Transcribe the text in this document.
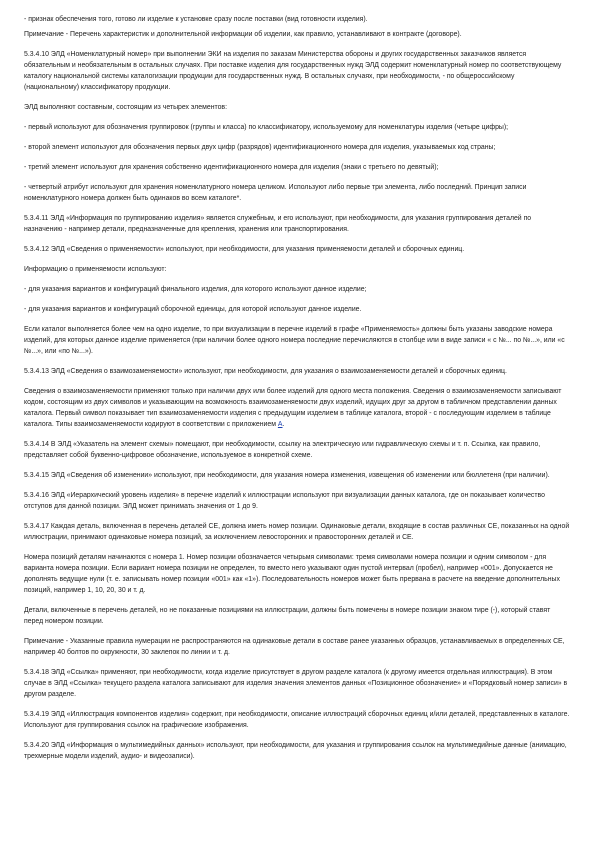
- признак обеспечения того, готово ли изделие к установке сразу после поставки (вид готовности изделия).

Примечание - Перечень характеристик и дополнительной информации об изделии, как правило, устанавливают в контракте (договоре).

5.3.4.10 ЭЛД «Номенклатурный номер» при выполнении ЭКИ на изделия по заказам Министерства обороны и других государственных заказчиков является обязательным и необязательным в остальных случаях. При поставке изделия для государственных нужд ЭЛД содержит номенклатурный номер по соответствующему каталогу национальной системы каталогизации продукции для государственных нужд. В остальных случаях, при необходимости, - по общероссийскому (национальному) классификатору продукции.

ЭЛД выполняют составным, состоящим из четырех элементов:

- первый используют для обозначения группировок (группы и класса) по классификатору, используемому для номенклатуры изделия (четыре цифры);

- второй элемент используют для обозначения первых двух цифр (разрядов) идентификационного номера для изделия, указываемых код страны;

- третий элемент используют для хранения собственно идентификационного номера для изделия (знаки с третьего по девятый);

- четвертый атрибут используют для хранения номенклатурного номера целиком. Используют либо первые три элемента, либо последний. Принцип записи номенклатурного номера должен быть одинаков во всем каталоге*.

5.3.4.11 ЭЛД «Информация по группированию изделия» является служебным, и его используют, при необходимости, для указания группирования деталей по назначению - например детали, предназначенные для крепления, хранения или транспортирования.

5.3.4.12 ЭЛД «Сведения о применяемости» используют, при необходимости, для указания применяемости деталей и сборочных единиц.

Информацию о применяемости используют:

- для указания вариантов и конфигураций финального изделия, для которого используют данное изделие;

- для указания вариантов и конфигураций сборочной единицы, для которой используют данное изделие.

Если каталог выполняется более чем на одно изделие, то при визуализации в перечне изделий в графе «Применяемость» должны быть указаны заводские номера изделий, для которых данное изделие применяется (при наличии более одного номера последние перечисляются в столбце или в виде записи « с №... по №...», или «с №...», или «по №...»).

5.3.4.13 ЭЛД «Сведения о взаимозаменяемости» используют, при необходимости, для указания о взаимозаменяемости деталей и сборочных единиц.

Сведения о взаимозаменяемости применяют только при наличии двух или более изделий для одного места положения. Сведения о взаимозаменяемости записывают кодом, состоящим из двух символов и указывающим на возможность взаимозаменяемости двух изделий, идущих друг за другом в табличном представлении данных каталога. Первый символ показывает тип взаимозаменяемости изделия с предыдущим изделием в таблице каталога, второй - с последующим изделием в таблице каталога. Типы взаимозаменяемости кодируют в соответствии с приложением А.

5.3.4.14 В ЭЛД «Указатель на элемент схемы» помещают, при необходимости, ссылку на электрическую или гидравлическую схемы и т. п. Ссылка, как правило, представляет собой буквенно-цифровое обозначение, используемое в конкретной схеме.

5.3.4.15 ЭЛД «Сведения об изменении» используют, при необходимости, для указания номера изменения, извещения об изменении или бюллетеня (при наличии).

5.3.4.16 ЭЛД «Иерархический уровень изделия» в перечне изделий к иллюстрации используют при визуализации данных каталога, где он показывает количество отступов для данной позиции. ЭЛД может принимать значения от 1 до 9.

5.3.4.17 Каждая деталь, включенная в перечень деталей СЕ, должна иметь номер позиции. Одинаковые детали, входящие в состав различных СЕ, показанных на одной иллюстрации, принимают одинаковые номера позиций, за исключением левосторонних и правосторонних деталей и СЕ.

Номера позиций деталям начинаются с номера 1. Номер позиции обозначается четырьмя символами: тремя символами номера позиции и одним символом - для варианта номера позиции. Если вариант номера позиции не определен, то вместо него указывают один пустой интервал (пробел), например «001». Допускается не дополнять ведущие нули (т. е. записывать номер позиции «001» как «1»). Последовательность номеров может быть прервана в расчете на введение дополнительных позиций, например 1, 10, 20, 30 и т. д.

Детали, включенные в перечень деталей, но не показанные позициями на иллюстрации, должны быть помечены в номере позиции знаком тире (-), который ставят перед номером позиции.

Примечание - Указанные правила нумерации не распространяются на одинаковые детали в составе ранее указанных образцов, устанавливаемых в определенных СЕ, например 40 болтов по окружности, 30 заклепок по линии и т. д.

5.3.4.18 ЭЛД «Ссылка» применяют, при необходимости, когда изделие присутствует в другом разделе каталога (к другому имеется отдельная иллюстрация). В этом случае в ЭЛД «Ссылка» текущего раздела каталога записывают для изделия значения элементов данных «Позиционное обозначение» и «Порядковый номер записи» в другом разделе.

5.3.4.19 ЭЛД «Иллюстрация компонентов изделия» содержит, при необходимости, описание иллюстраций сборочных единиц и/или деталей, представленных в каталоге. Используют для группирования ссылок на графические изображения.

5.3.4.20 ЭЛД «Информация о мультимедийных данных» используют, при необходимости, для указания и группирования ссылок на мультимедийные данные (анимацию, трехмерные модели изделий, аудио- и видеозаписи).
